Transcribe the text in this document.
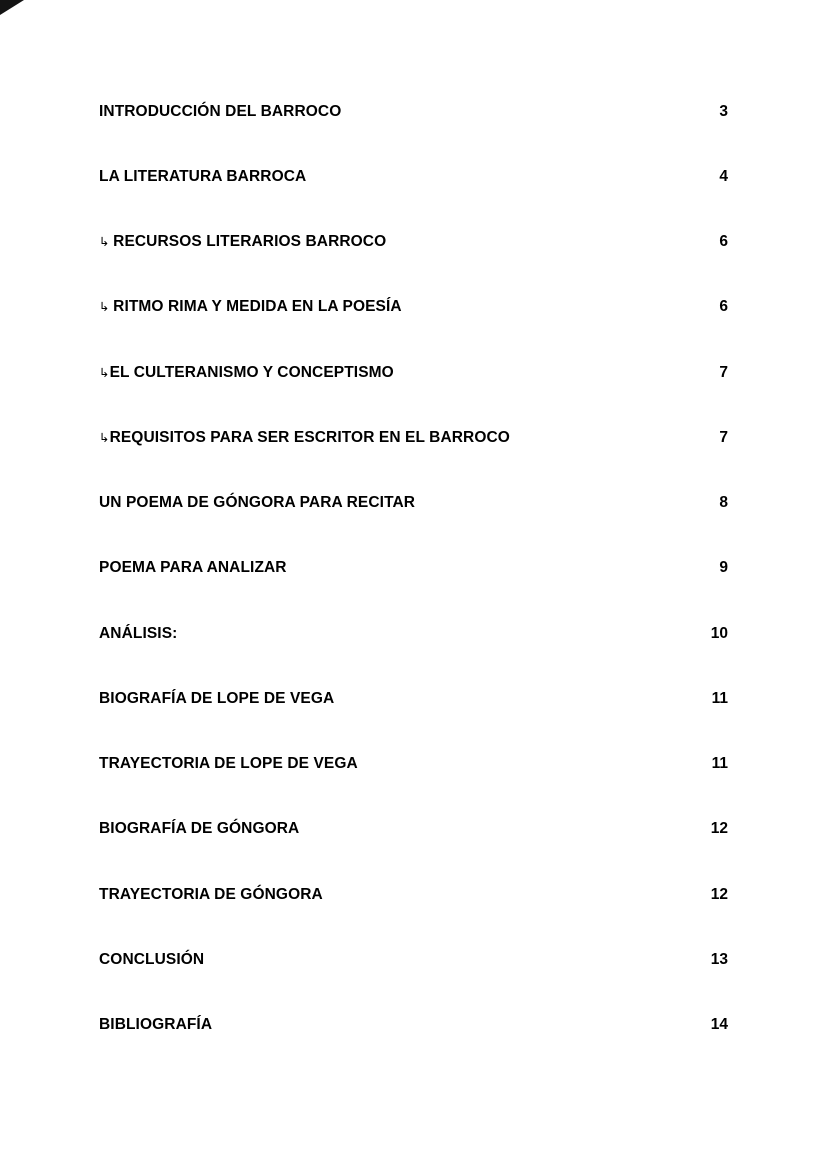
INTRODUCCIÓN DEL BARROCO	3
LA LITERATURA BARROCA	4
↳ RECURSOS LITERARIOS BARROCO	6
↳ RITMO RIMA Y MEDIDA EN LA POESÍA	6
↳EL CULTERANISMO Y CONCEPTISMO	7
↳REQUISITOS PARA SER ESCRITOR EN EL BARROCO	7
UN POEMA DE GÓNGORA PARA RECITAR	8
POEMA PARA ANALIZAR	9
ANÁLISIS:	10
BIOGRAFÍA DE LOPE DE VEGA	11
TRAYECTORIA DE LOPE DE VEGA	11
BIOGRAFÍA DE GÓNGORA	12
TRAYECTORIA DE GÓNGORA	12
CONCLUSIÓN	13
BIBLIOGRAFÍA	14
